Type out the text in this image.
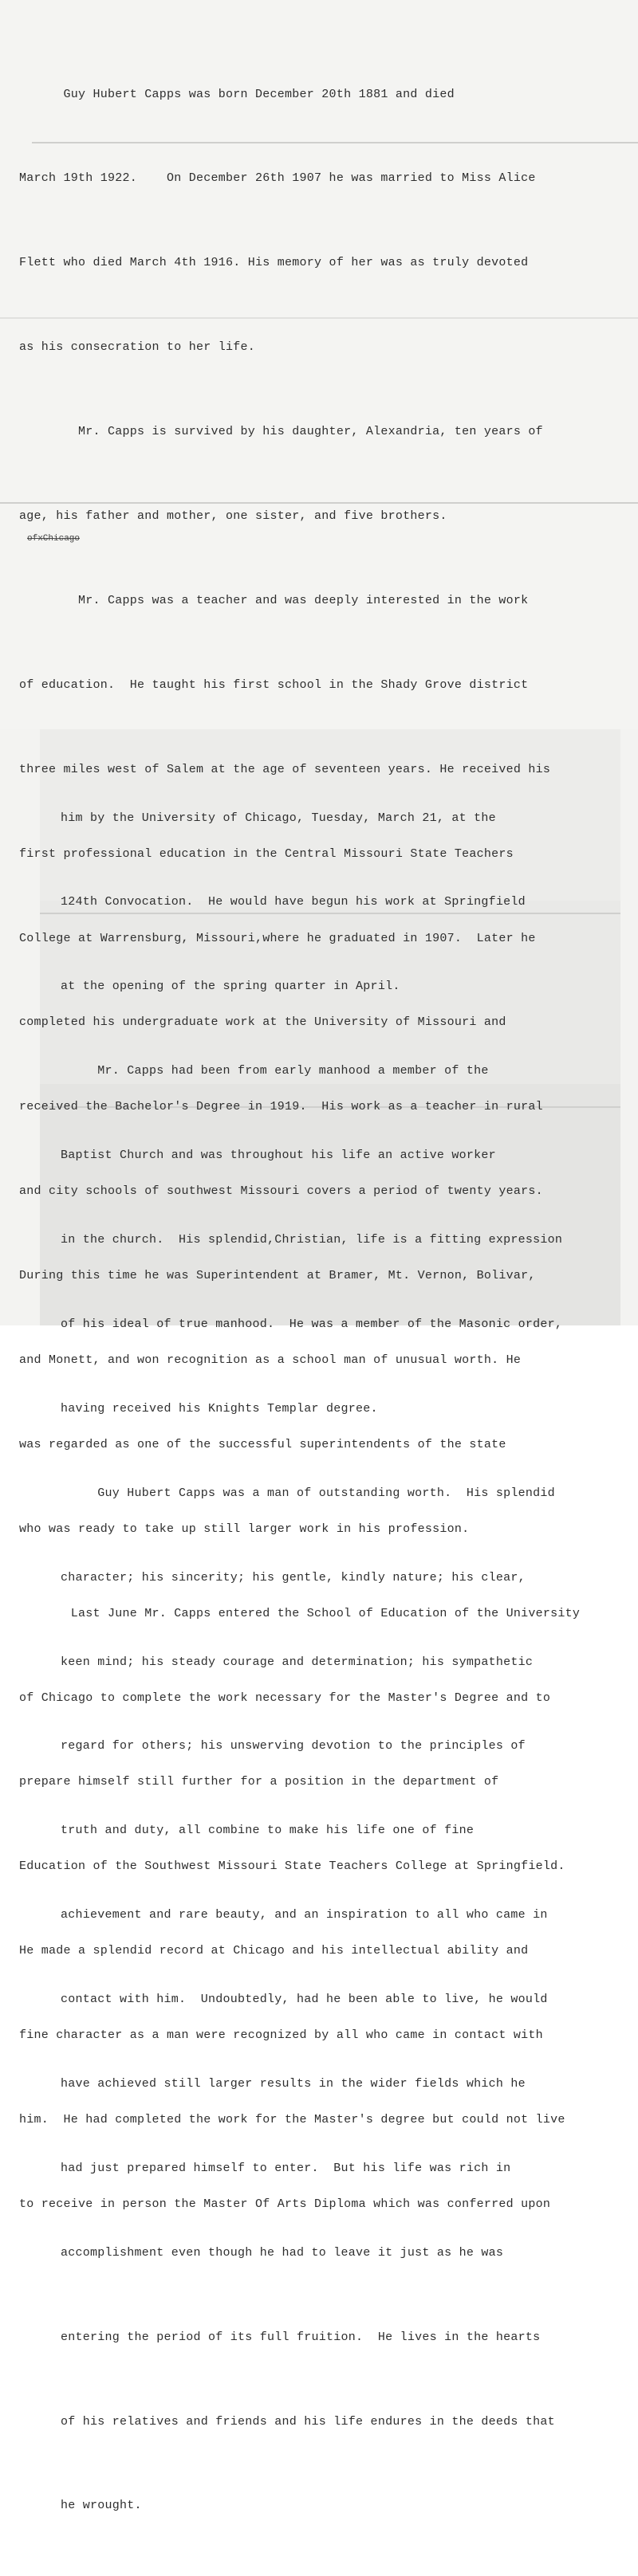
Guy Hubert Capps was born December 20th 1881 and died

March 19th 1922.    On December 26th 1907 he was married to Miss Alice

Flett who died March 4th 1916. His memory of her was as truly devoted

as his consecration to her life.

Mr. Capps is survived by his daughter, Alexandria, ten years of

age, his father and mother, one sister, and five brothers.

Mr. Capps was a teacher and was deeply interested in the work

of education.  He taught his first school in the Shady Grove district

three miles west of Salem at the age of seventeen years. He received his

first professional education in the Central Missouri State Teachers

College at Warrensburg, Missouri,where he graduated in 1907.  Later he

completed his undergraduate work at the University of Missouri and

received the Bachelor's Degree in 1919.  His work as a teacher in rural

and city schools of southwest Missouri covers a period of twenty years.

During this time he was Superintendent at Bramer, Mt. Vernon, Bolivar,

and Monett, and won recognition as a school man of unusual worth. He

was regarded as one of the successful superintendents of the state

who was ready to take up still larger work in his profession.

Last June Mr. Capps entered the School of Education of the University

of Chicago to complete the work necessary for the Master's Degree and to

prepare himself still further for a position in the department of

Education of the Southwest Missouri State Teachers College at Springfield.

He made a splendid record at Chicago and his intellectual ability and

fine character as a man were recognized by all who came in contact with

him.  He had completed the work for the Master's degree but could not live

to receive in person the Master Of Arts Diploma which was conferred upon

ofxChicago

him by the University of Chicago, Tuesday, March 21, at the

124th Convocation.  He would have begun his work at Springfield

at the opening of the spring quarter in April.

Mr. Capps had been from early manhood a member of the

Baptist Church and was throughout his life an active worker

in the church.  His splendid,Christian, life is a fitting expression

of his ideal of true manhood.  He was a member of the Masonic order,

having received his Knights Templar degree.

Guy Hubert Capps was a man of outstanding worth.  His splendid

character; his sincerity; his gentle, kindly nature; his clear,

keen mind; his steady courage and determination; his sympathetic

regard for others; his unswerving devotion to the principles of

truth and duty, all combine to make his life one of fine

achievement and rare beauty, and an inspiration to all who came in

contact with him.  Undoubtedly, had he been able to live, he would

have achieved still larger results in the wider fields which he

had just prepared himself to enter.  But his life was rich in

accomplishment even though he had to leave it just as he was

entering the period of its full fruition.  He lives in the hearts

of his relatives and friends and his life endures in the deeds that

he wrought.
